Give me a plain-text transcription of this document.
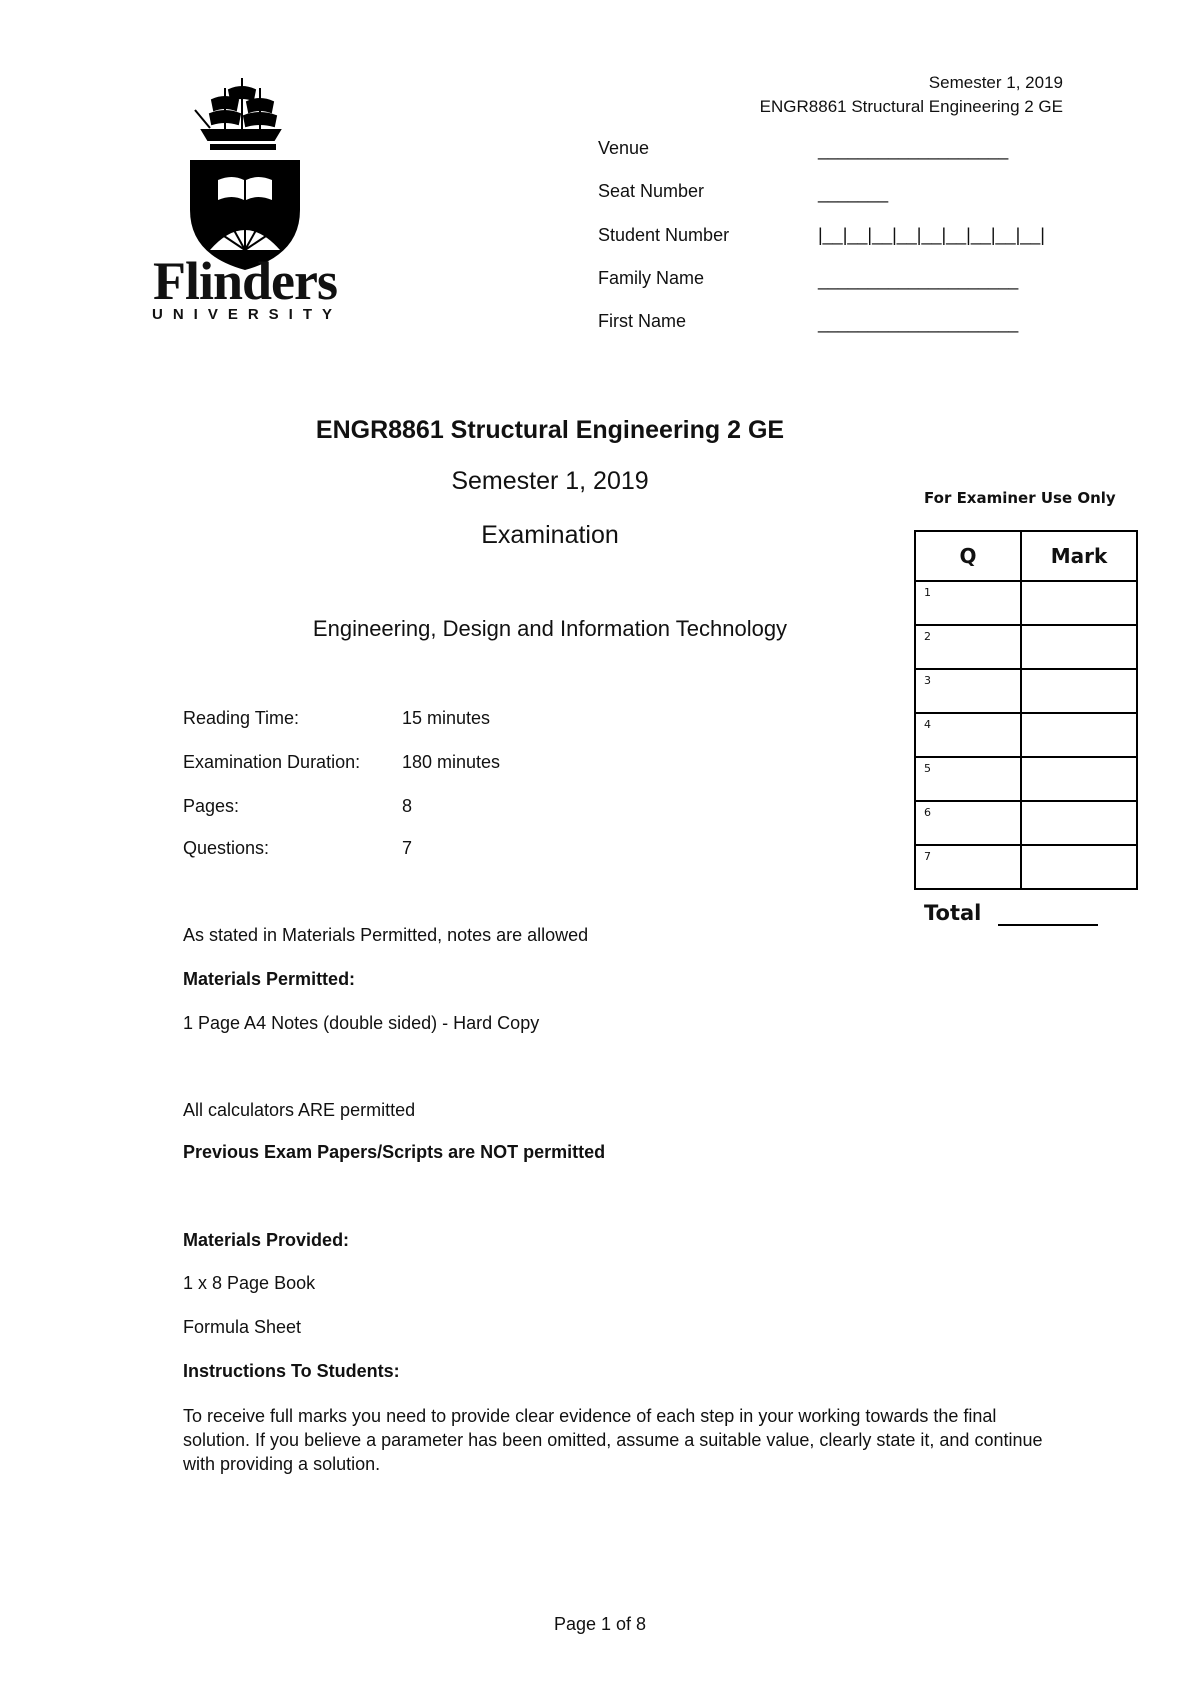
Flinders
UNIVERSITY
Semester 1, 2019
ENGR8861 Structural Engineering 2 GE
Venue	___________________
Seat Number	_______
Student Number	|__|__|__|__|__|__|__|__|__|
Family Name	____________________
First Name	____________________
ENGR8861 Structural Engineering 2 GE
Semester 1, 2019
Examination
Engineering, Design and Information Technology
Reading Time:	15 minutes
Examination Duration: 180 minutes
Pages:	8
Questions:	7
For Examiner Use Only
Q	Mark
1	
2	
3	
4	
5	
6	
7	
Total
As stated in Materials Permitted, notes are allowed
Materials Permitted:
1 Page A4 Notes (double sided) - Hard Copy
All calculators ARE permitted
Previous Exam Papers/Scripts are NOT permitted
Materials Provided:
1 x 8 Page Book
Formula Sheet
Instructions To Students:
To receive full marks you need to provide clear evidence of each step in your working towards the final solution. If you believe a parameter has been omitted, assume a suitable value, clearly state it, and continue with providing a solution.
Page 1 of 8
